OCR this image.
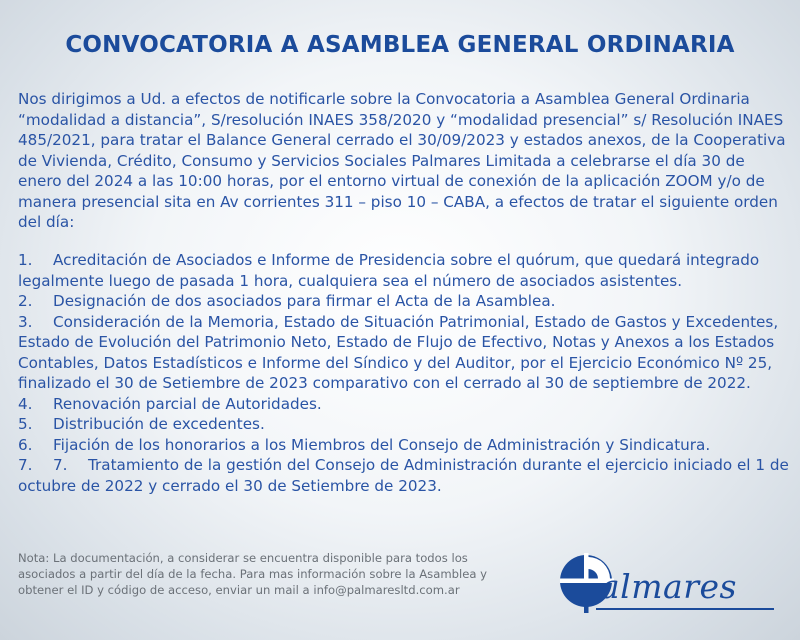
CONVOCATORIA A ASAMBLEA GENERAL ORDINARIA

Nos dirigimos a Ud. a efectos de notificarle sobre la Convocatoria a Asamblea General Ordinaria “modalidad a distancia”, S/resolución INAES 358/2020 y “modalidad presencial” s/ Resolución INAES 485/2021, para tratar el Balance General cerrado el 30/09/2023 y estados anexos, de la Cooperativa de Vivienda, Crédito, Consumo y Servicios Sociales Palmares Limitada a celebrarse el día 30 de enero del 2024 a las 10:00 horas, por el entorno virtual de conexión de la aplicación ZOOM y/o de manera presencial sita en Av corrientes 311 – piso 10 – CABA, a efectos de tratar el siguiente orden del día:

1. Acreditación de Asociados e Informe de Presidencia sobre el quórum, que quedará integrado legalmente luego de pasada 1 hora, cualquiera sea el número de asociados asistentes.
2. Designación de dos asociados para firmar el Acta de la Asamblea.
3. Consideración de la Memoria, Estado de Situación Patrimonial, Estado de Gastos y Excedentes, Estado de Evolución del Patrimonio Neto, Estado de Flujo de Efectivo, Notas y Anexos a los Estados Contables, Datos Estadísticos e Informe del Síndico y del Auditor, por el Ejercicio Económico Nº 25, finalizado el 30 de Setiembre de 2023 comparativo con el cerrado al 30 de septiembre de 2022.
4. Renovación parcial de Autoridades.
5. Distribución de excedentes.
6. Fijación de los honorarios a los Miembros del Consejo de Administración y Sindicatura.
7. 7. Tratamiento de la gestión del Consejo de Administración durante el ejercicio iniciado el 1 de octubre de 2022 y cerrado el 30 de Setiembre de 2023.

Nota: La documentación, a considerar se encuentra disponible para todos los asociados a partir del día de la fecha. Para mas información sobre la Asamblea y obtener el ID y código de acceso, enviar un mail a info@palmaresltd.com.ar	almares
